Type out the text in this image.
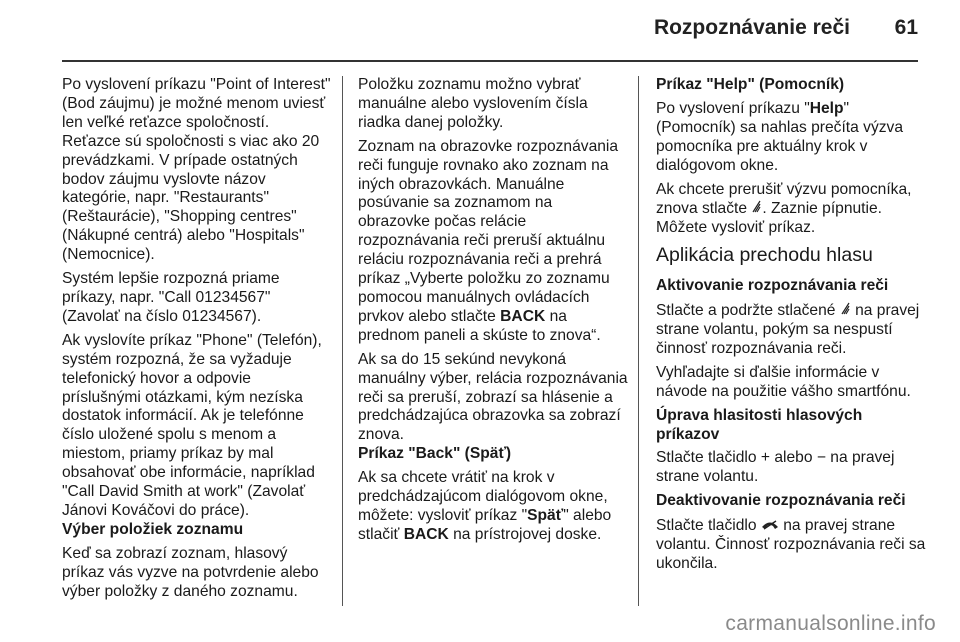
Rozpoznávanie reči 61

Po vyslovení príkazu "Point of Interest" (Bod záujmu) je možné menom uviesť len veľké reťazce spoločností. Reťazce sú spoločnosti s viac ako 20 prevádzkami. V prípade ostatných bodov záujmu vyslovte názov kategórie, napr. "Restaurants" (Reštaurácie), "Shopping centres" (Nákupné centrá) alebo "Hospitals" (Nemocnice).

Systém lepšie rozpozná priame príkazy, napr. "Call 01234567" (Zavolať na číslo 01234567).

Ak vyslovíte príkaz "Phone" (Telefón), systém rozpozná, že sa vyžaduje telefonický hovor a odpovie príslušnými otázkami, kým nezíska dostatok informácií. Ak je telefónne číslo uložené spolu s menom a miestom, priamy príkaz by mal obsahovať obe informácie, napríklad "Call David Smith at work" (Zavolať Jánovi Kováčovi do práce).

Výber položiek zoznamu

Keď sa zobrazí zoznam, hlasový príkaz vás vyzve na potvrdenie alebo výber položky z daného zoznamu.

Položku zoznamu možno vybrať manuálne alebo vyslovením čísla riadka danej položky.

Zoznam na obrazovke rozpoznávania reči funguje rovnako ako zoznam na iných obrazovkách. Manuálne posúvanie sa zoznamom na obrazovke počas relácie rozpoznávania reči preruší aktuálnu reláciu rozpoznávania reči a prehrá príkaz „Vyberte položku zo zoznamu pomocou manuálnych ovládacích prvkov alebo stlačte BACK na prednom paneli a skúste to znova“.

Ak sa do 15 sekúnd nevykoná manuálny výber, relácia rozpoznávania reči sa preruší, zobrazí sa hlásenie a predchádzajúca obrazovka sa zobrazí znova.

Príkaz "Back" (Späť)

Ak sa chcete vrátiť na krok v predchádzajúcom dialógovom okne, môžete: vysloviť príkaz "Späť" alebo stlačiť BACK na prístrojovej doske.

Príkaz "Help" (Pomocník)

Po vyslovení príkazu "Help" (Pomocník) sa nahlas prečíta výzva pomocníka pre aktuálny krok v dialógovom okne.

Ak chcete prerušiť výzvu pomocníka, znova stlačte . Zaznie pípnutie. Môžete vysloviť príkaz.

Aplikácia prechodu hlasu

Aktivovanie rozpoznávania reči

Stlačte a podržte stlačené na pravej strane volantu, pokým sa nespustí činnosť rozpoznávania reči.

Vyhľadajte si ďalšie informácie v návode na použitie vášho smartfónu.

Úprava hlasitosti hlasových príkazov

Stlačte tlačidlo + alebo − na pravej strane volantu.

Deaktivovanie rozpoznávania reči

Stlačte tlačidlo na pravej strane volantu. Činnosť rozpoznávania reči sa ukončila.

carmanualsonline.info
